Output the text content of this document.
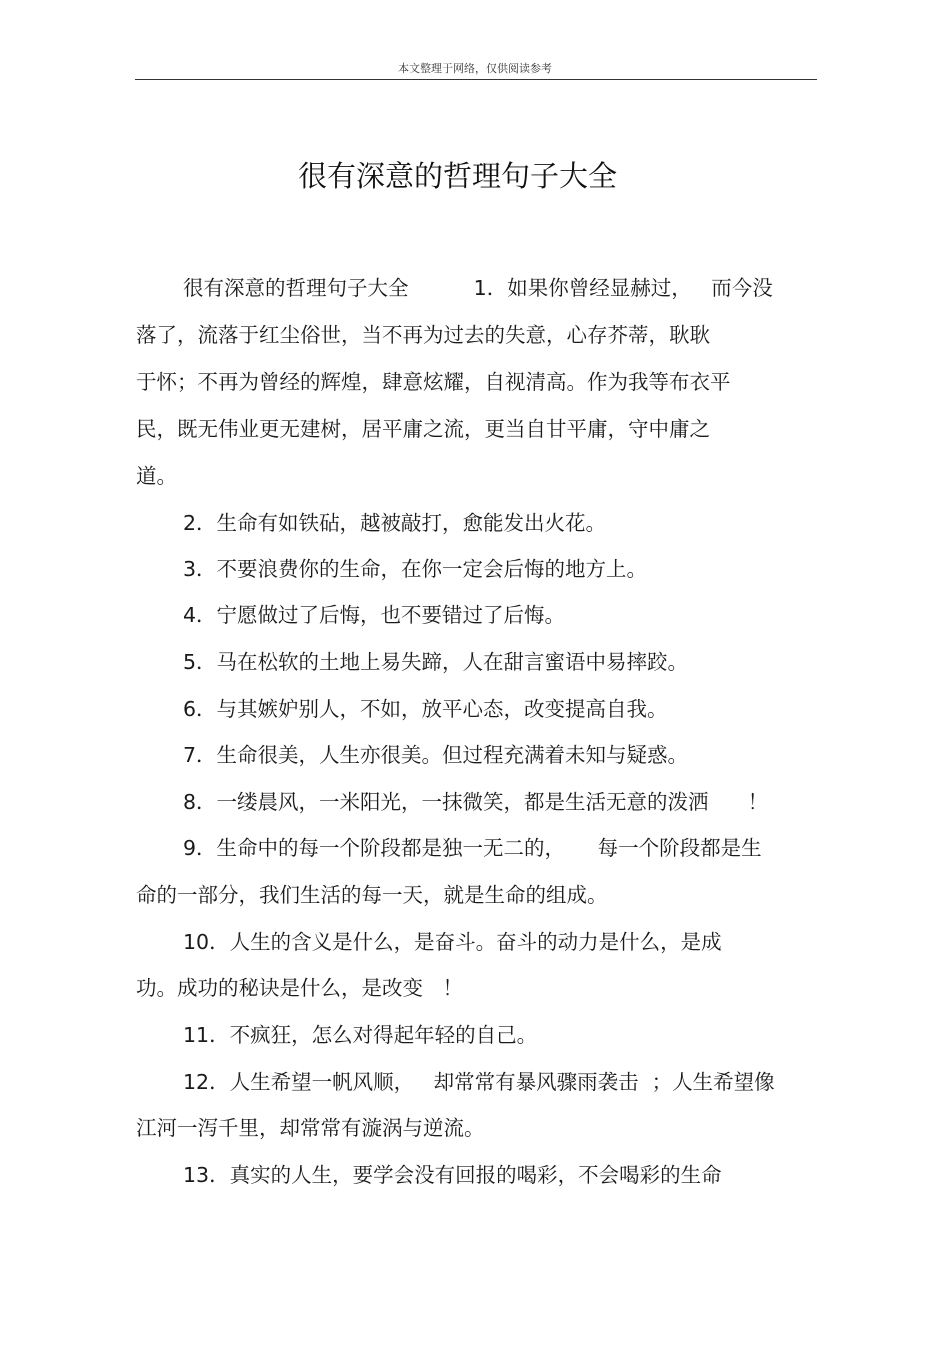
本文整理于网络，仅供阅读参考
很有深意的哲理句子大全
很有深意的哲理句子大全          1．如果你曾经显赫过，   而今没
落了，流落于红尘俗世，当不再为过去的失意，心存芥蒂，耿耿
于怀；不再为曾经的辉煌，肆意炫耀，自视清高。作为我等布衣平
民，既无伟业更无建树，居平庸之流，更当自甘平庸，守中庸之
道。
2．生命有如铁砧，越被敲打，愈能发出火花。
3．不要浪费你的生命，在你一定会后悔的地方上。
4．宁愿做过了后悔，也不要错过了后悔。
5．马在松软的土地上易失蹄，人在甜言蜜语中易摔跤。
6．与其嫉妒别人，不如，放平心态，改变提高自我。
7．生命很美，人生亦很美。但过程充满着未知与疑惑。
8．一缕晨风，一米阳光，一抹微笑，都是生活无意的泼洒      ！
9．生命中的每一个阶段都是独一无二的，     每一个阶段都是生
命的一部分，我们生活的每一天，就是生命的组成。
10．人生的含义是什么，是奋斗。奋斗的动力是什么，是成
功。成功的秘诀是什么，是改变   ！
11．不疯狂，怎么对得起年轻的自己。
12．人生希望一帆风顺，   却常常有暴风骤雨袭击  ；人生希望像
江河一泻千里，却常常有漩涡与逆流。
13．真实的人生，要学会没有回报的喝彩，不会喝彩的生命
